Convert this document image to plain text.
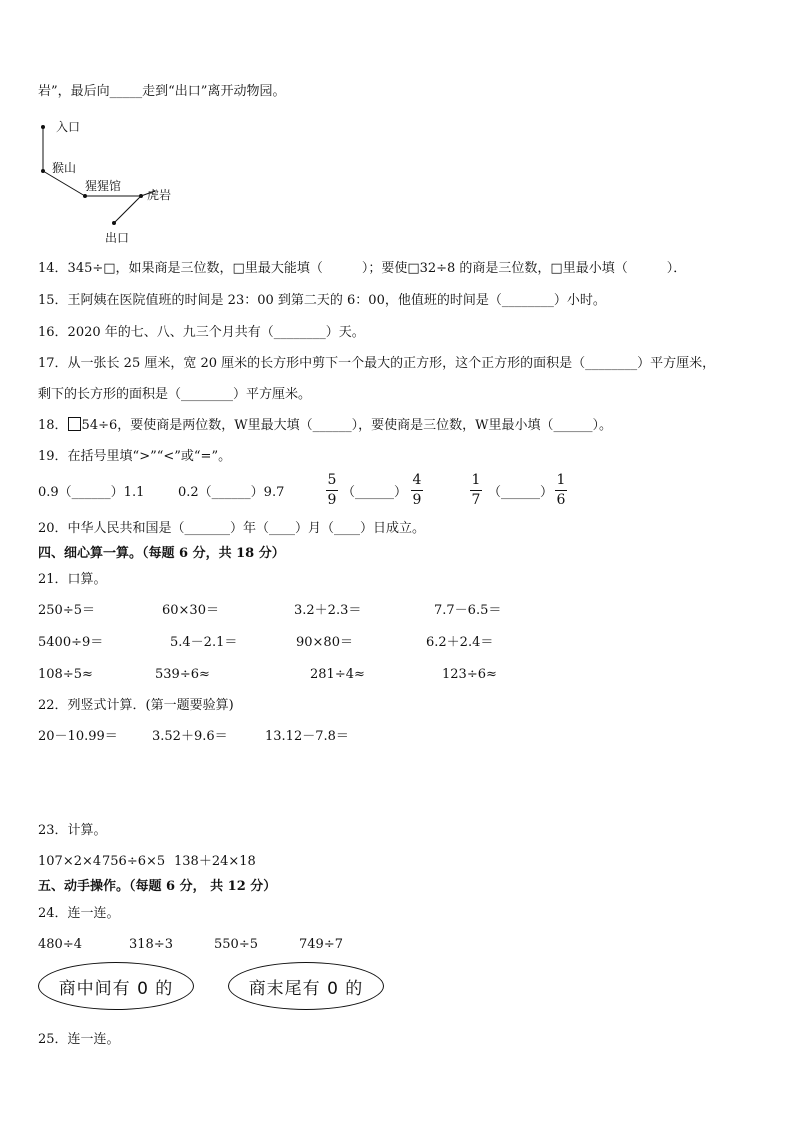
岩”，最后向_____走到“出口”离开动物园。
入口
猴山
猩猩馆
虎岩
出口
14．345÷□，如果商是三位数，□里最大能填（　　　）；要使□32÷8 的商是三位数，□里最小填（　　　）．
15．王阿姨在医院值班的时间是 23：00 到第二天的 6：00，他值班的时间是（________）小时。
16．2020 年的七、八、九三个月共有（________）天。
17．从一张长 25 厘米，宽 20 厘米的长方形中剪下一个最大的正方形，这个正方形的面积是（________）平方厘米，
剩下的长方形的面积是（________）平方厘米。
18． 54÷6，要使商是两位数，W里最大填（______），要使商是三位数，W里最小填（______）。
19．在括号里填“>”“<”或“=”。
0.9（______）1.1	0.2（______）9.7
5
9 （______）
4
9
1
7 （______）
1
6
20．中华人民共和国是（_______）年（____）月（____）日成立。
四、细心算一算。（每题 6 分，共 18 分）
21．口算。
250÷5＝	60×30＝	3.2＋2.3＝	7.7－6.5＝
5400÷9＝	5.4－2.1＝	90×80＝	6.2＋2.4＝
108÷5≈	539÷6≈	281÷4≈	123÷6≈
22．列竖式计算．(第一题要验算)
20－10.99＝	3.52＋9.6＝	13.12－7.8＝
23．计算。
107×2×4 756÷6×5 138＋24×18
五、动手操作。（每题 6 分， 共 12 分）
24．连一连。
480÷4	318÷3	550÷5	749÷7
商中间有 0 的	商末尾有 0 的
25．连一连。
